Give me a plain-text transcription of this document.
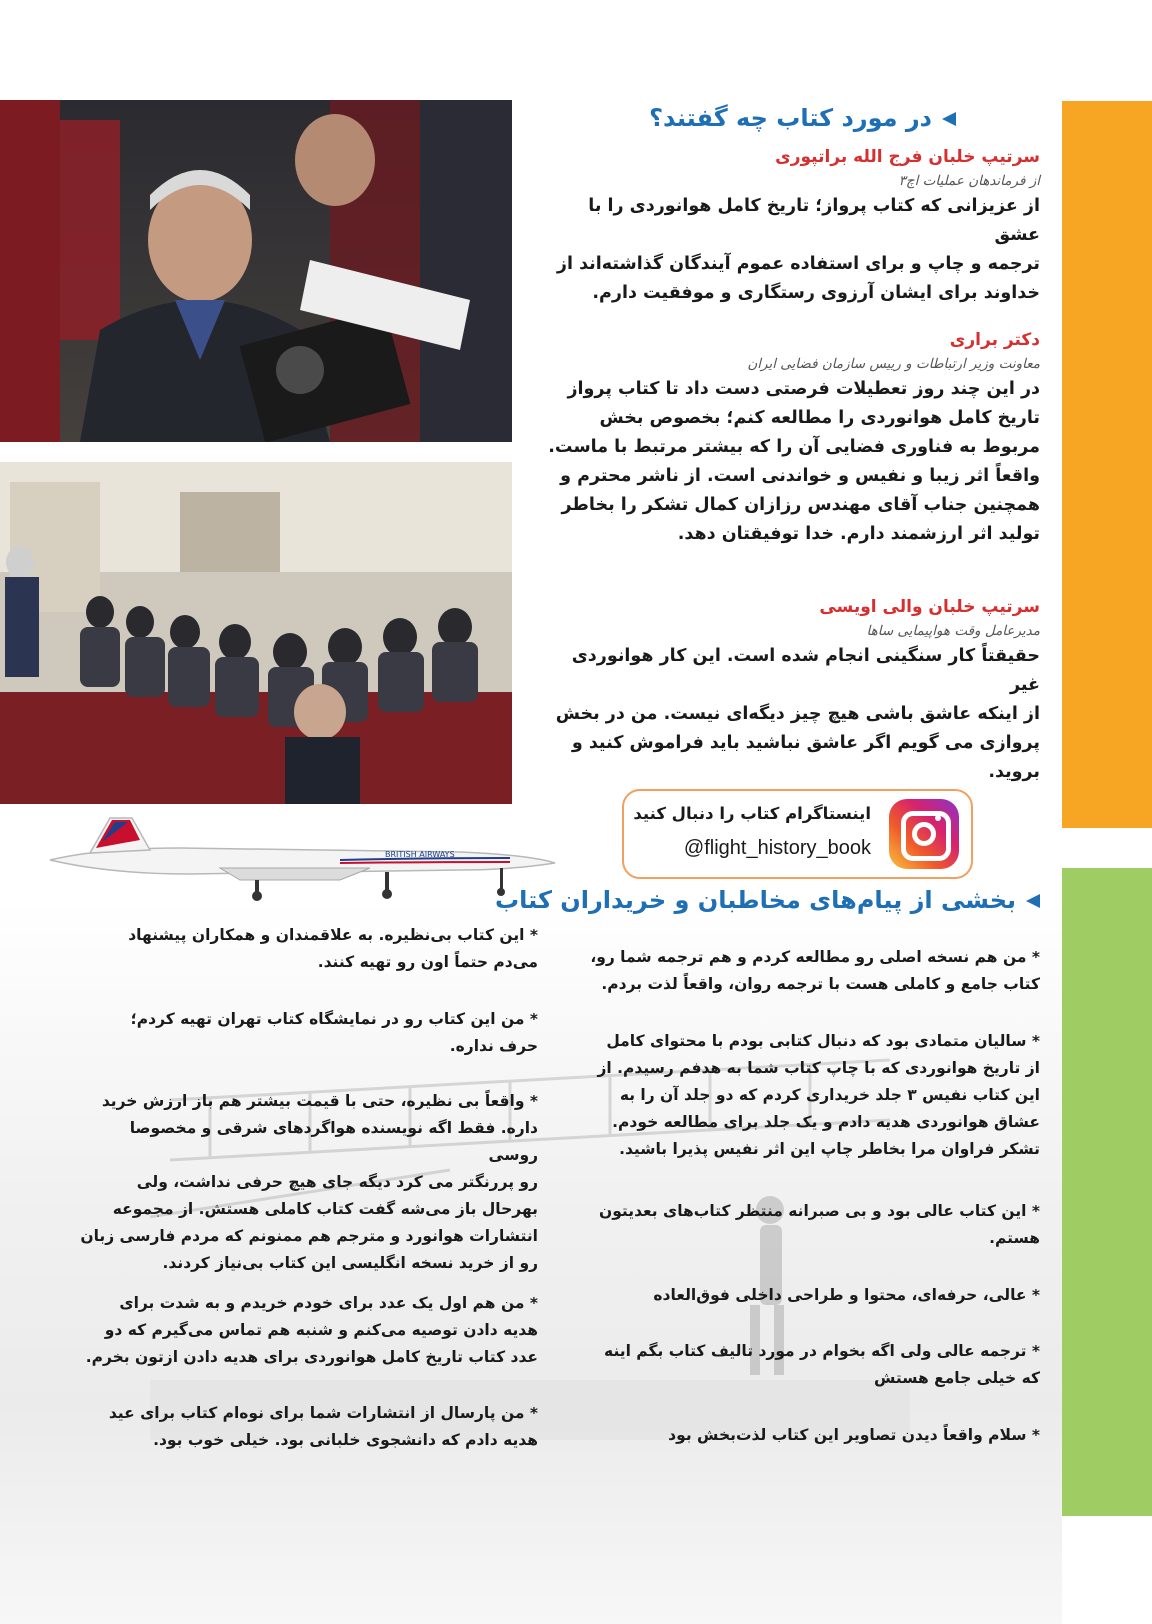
BRITISH AIRWAYS
در مورد کتاب چه گفتند؟
سرتیپ خلبان فرج الله براتپوری
از فرماندهان عملیات اچ۳
از عزیزانی که کتاب پرواز؛ تاریخ کامل هوانوردی را با عشق
ترجمه و چاپ و برای استفاده عموم آیندگان گذاشته‌اند از
خداوند برای ایشان آرزوی رستگاری و موفقیت دارم.
دکتر براری
معاونت وزیر ارتباطات و رییس سازمان فضایی ایران
در این چند روز تعطیلات فرصتی دست داد تا کتاب پرواز
تاریخ کامل هوانوردی را مطالعه کنم؛ بخصوص بخش
مربوط به فناوری فضایی آن را که بیشتر مرتبط با ماست.
واقعاً اثر زیبا و نفیس و خواندنی است. از ناشر محترم و
همچنین جناب آقای مهندس رزازان کمال تشکر را بخاطر
تولید اثر ارزشمند دارم. خدا توفیقتان دهد.
سرتیپ خلبان والی اویسی
مدیرعامل وقت هواپیمایی ساها
حقیقتاً کار سنگینی انجام شده است. این کار هوانوردی غیر
از اینکه عاشق باشی هیچ چیز دیگه‌ای نیست. من در بخش
پروازی می گویم اگر عاشق نباشید باید فراموش کنید و بروید.
اینستاگرام کتاب را دنبال کنید
@flight_history_book
بخشی از پیام‌های مخاطبان و خریداران کتاب
* من هم نسخه اصلی رو مطالعه کردم و هم ترجمه شما رو،
کتاب جامع و کاملی هست با ترجمه روان، واقعاً لذت بردم.
* سالیان متمادی بود که دنبال کتابی بودم با محتوای کامل
از تاریخ هوانوردی که با چاپ کتاب شما به هدفم رسیدم. از
این کتاب نفیس ۳ جلد خریداری کردم که دو جلد آن را به
عشاق هوانوردی هدیه دادم و یک جلد برای مطالعه خودم.
تشکر فراوان مرا بخاطر چاپ این اثر نفیس پذیرا باشید.
* این کتاب عالی بود و بی صبرانه منتظر کتاب‌های بعدیتون
هستم.
* عالی، حرفه‌ای، محتوا و طراحی داخلی فوق‌العاده
* ترجمه عالی ولی اگه بخوام در مورد تالیف کتاب بگم اینه
که خیلی جامع هستش
* سلام واقعاً دیدن تصاویر این کتاب لذت‌بخش بود
* این کتاب بی‌نظیره. به علاقمندان و همکاران پیشنهاد
می‌دم حتماً اون رو تهیه کنند.
* من این کتاب رو در نمایشگاه کتاب تهران تهیه کردم؛
حرف نداره.
* واقعاً بی نظیره، حتی با قیمت بیشتر هم باز ارزش خرید
داره. فقط اگه نویسنده هواگردهای شرقی و مخصوصا روسی
رو پررنگتر می کرد دیگه جای هیچ حرفی نداشت، ولی
بهرحال باز می‌شه گفت کتاب کاملی هستش. از مجموعه
انتشارات هوانورد و مترجم هم ممنونم که مردم فارسی زبان
رو از خرید نسخه انگلیسی این کتاب بی‌نیاز کردند.
* من هم اول یک عدد برای خودم خریدم و به شدت برای
هدیه دادن توصیه می‌کنم و شنبه هم تماس می‌گیرم که دو
عدد کتاب تاریخ کامل هوانوردی برای هدیه دادن ازتون بخرم.
* من پارسال از انتشارات شما برای نوه‌ام کتاب برای عید
هدیه دادم که دانشجوی خلبانی بود. خیلی خوب بود.
